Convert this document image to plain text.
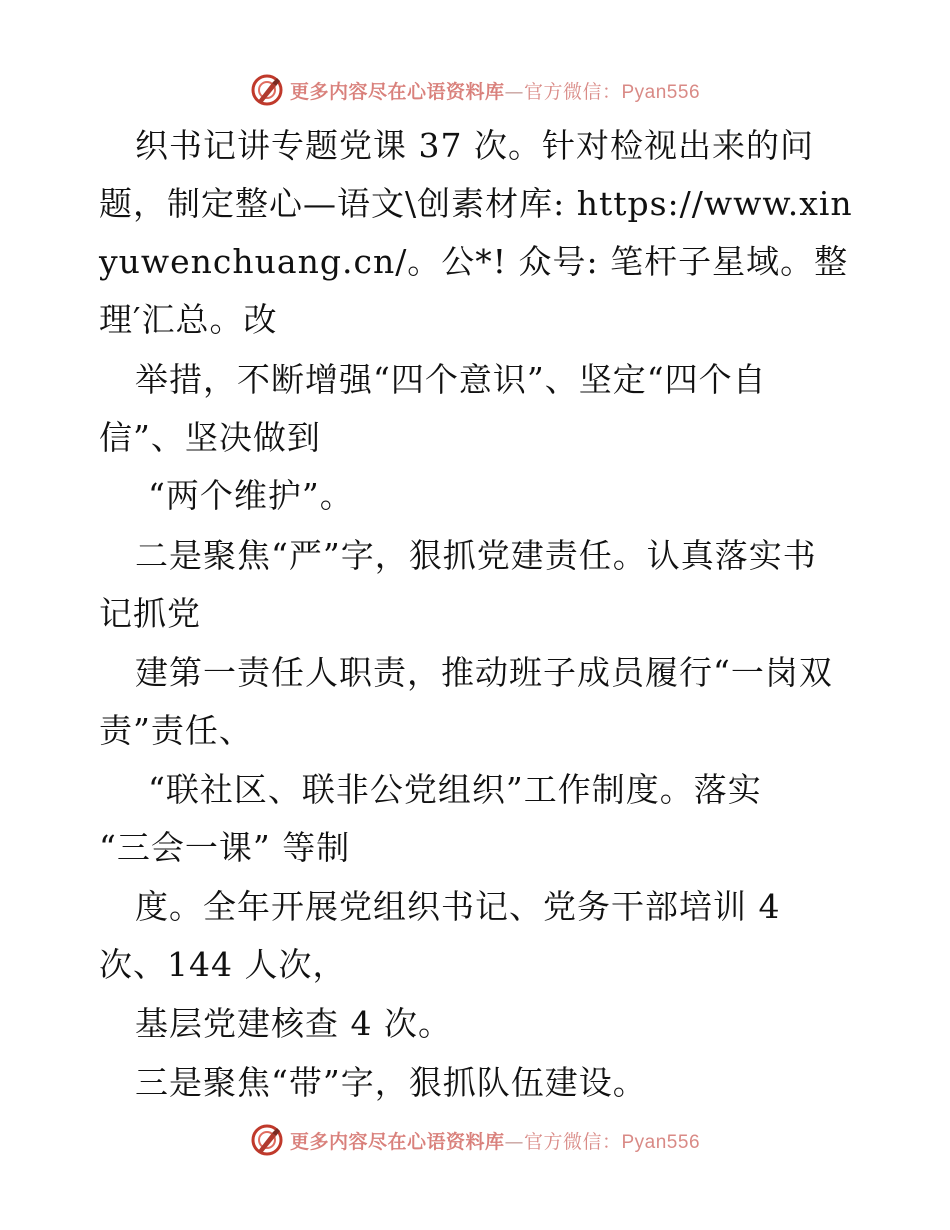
更多内容尽在心语资料库—官方微信：Pyan556
织书记讲专题党课 37 次。针对检视出来的问
题，制定整心—语文\创素材库: https://www.xin
yuwenchuang.cn/。公*! 众号: 笔杆子星域。整
理′汇总。改
举措，不断增强“四个意识”、坚定“四个自
信”、坚决做到
“两个维护”。
二是聚焦“严”字，狠抓党建责任。认真落实书
记抓党
建第一责任人职责，推动班子成员履行“一岗双
责”责任、
“联社区、联非公党组织”工作制度。落实
“三会一课” 等制
度。全年开展党组织书记、党务干部培训 4
次、144 人次，
基层党建核查 4 次。
三是聚焦“带”字，狠抓队伍建设。
更多内容尽在心语资料库—官方微信：Pyan556
